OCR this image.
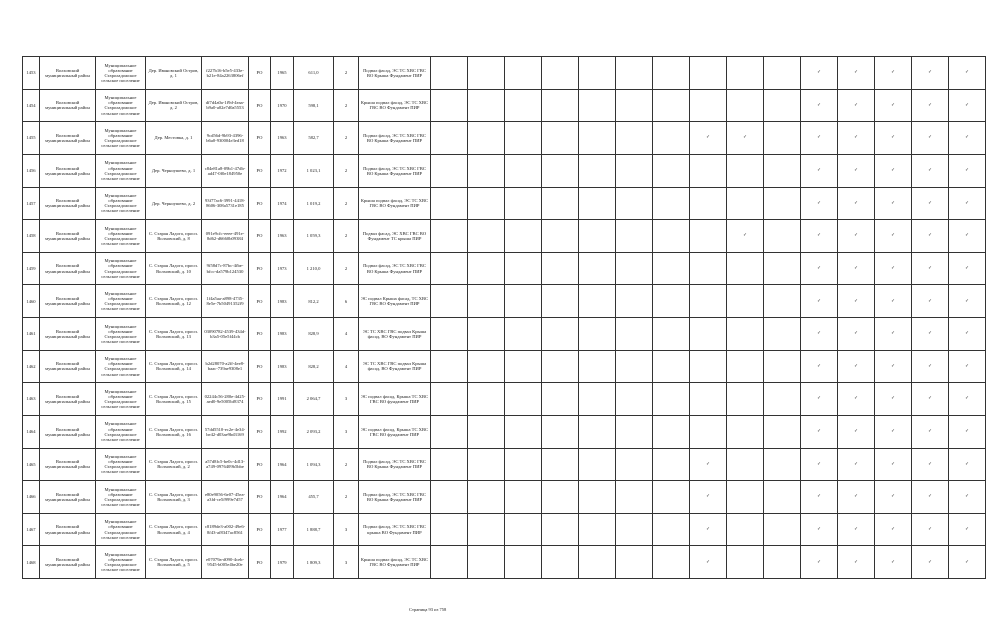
1453	Волховский муниципальный район	Муниципальное образование Староладожское сельское поселение	Дер. Ивановский Остров, д. 1	f227b16-b5e5-433e-b21e-84a2263806ef	РО	1965	611,0	2	Подвал фасад, ЭС ТС ХВС ГВС ВО Крыша Фундамент ПИР											✓	✓	✓	✓	✓
1454	Волховский муниципальный район	Муниципальное образование Староладожское сельское поселение	Дер. Ивановский Остров, д. 2	df7d4a0a-1f9d-4eaa-b9a0-a02e7d0a5553	РО	1970	598,1	2	Крыша подвал фасад, ЭС ТС ХВС ГВС ВО Фундамент ПИР											✓	✓	✓	✓	✓
1455	Волховский муниципальный район	Муниципальное образование Староладожское сельское поселение	Дер. Местовка, д. 1	9cd56d-9b93-4396-b6a0-930004e3ed18	РО	1963	582,7	2	Подвал фасад, ЭС ТС ХВС ГВС ВО Крыша Фундамент ПИР								✓	✓		✓	✓	✓	✓	✓
1456	Волховский муниципальный район	Муниципальное образование Староладожское сельское поселение	Дер. Черноушево, д. 1	c84e81a8-09b1-47db-ad47-0f0e184950e	РО	1972	1 023,1	2	Подвал фасад, ЭС ТС ХВС ГВС ВО Крыша Фундамент ПИР											✓	✓	✓	✓	✓
1457	Волховский муниципальный район	Муниципальное образование Староладожское сельское поселение	Дер. Черноушево, д. 2	93f77ac6-3991-4418-8606-308a5731e185	РО	1974	1 019,2	2	Крыша подвал фасад, ЭС ТС ХВС ГВС ВО Фундамент ПИР											✓	✓	✓	✓	✓
1458	Волховский муниципальный район	Муниципальное образование Староладожское сельское поселение	С. Старая Ладога, просп. Волховский, д. 8	091e9cfc-eeee-491e-8d62-d6660b09384	РО	1963	1 059,3	2	Подвал фасад, ЭС ХВС ГВС ВО Фундамент ТС крыша ПИР									✓		✓	✓	✓	✓	✓
1459	Волховский муниципальный район	Муниципальное образование Староладожское сельское поселение	С. Старая Ладога, просп. Волховский, д. 10	9f58d7c-87bc-4fbe-bfcc-da579b124530	РО	1973	1 210,0	2	Подвал фасад, ЭС ТС ХВС ГВС ВО Крыша Фундамент ПИР											✓	✓	✓	✓	✓
1460	Волховский муниципальный район	Муниципальное образование Староладожское сельское поселение	С. Старая Ладога, просп. Волховский, д. 12	1f4a5aa-a898-4735-8e5e-7b50491352f9	РО	1983	812,2	6	ЭС подвал Крыша фасад, ТС ХВС ГВС ВО Фундамент ПИР											✓	✓	✓	✓	✓
1461	Волховский муниципальный район	Муниципальное образование Староладожское сельское поселение	С. Старая Ладога, просп. Волховский, д. 13	03090782-4539-434d-b3a5-05e5f44cb	РО	1983	828,9	4	ЭС ТС ХВС ГВС подвал Крыша фасад, ВО Фундамент ПИР											✓	✓	✓	✓	✓
1462	Волховский муниципальный район	Муниципальное образование Староладожское сельское поселение	С. Старая Ладога, просп. Волховский, д. 14	b2d28070-a2ff-4ee8-baac-739ae9308e1	РО	1983	828,2	4	ЭС ТС ХВС ГВС подвал Крыша фасад, ВО Фундамент ПИР											✓	✓	✓	✓	✓
1463	Волховский муниципальный район	Муниципальное образование Староладожское сельское поселение	С. Старая Ладога, просп. Волховский, д. 15	02244c56-280e-4d25-aed0-9e5005bf8374	РО	1991	2 064,7	3	ЭС подвал фасад, Крыша ТС ХВС ГВС ВО фундамент ПИР											✓	✓	✓	✓	✓
1464	Волховский муниципальный район	Муниципальное образование Староладожское сельское поселение	С. Старая Ладога, просп. Волховский, д. 16	57dd5510-ec2e-4e34-be42-d03ae9bd3169	РО	1992	2 093,2	3	ЭС подвал фасад, Крыша ТС ХВС ГВС ВО фундамент ПИР											✓	✓	✓	✓	✓
1465	Волховский муниципальный район	Муниципальное образование Староладожское сельское поселение	С. Старая Ладога, просп. Волховский, д. 2	a57d8fc5-be0c-4d13-a749-0976409b5bbe	РО	1964	1 094,3	2	Подвал фасад, ЭС ТС ХВС ГВС ВО Крыша Фундамент ПИР								✓			✓	✓	✓	✓	✓
1466	Волховский муниципальный район	Муниципальное образование Староладожское сельское поселение	С. Старая Ладога, просп. Волховский, д. 3	e80e9056-6e07-45ea-a3fd-ce5f999e7d57	РО	1964	455,7	2	Подвал фасад, ЭС ТС ХВС ГВС ВО Крыша Фундамент ПИР								✓			✓	✓	✓	✓	✓
1467	Волховский муниципальный район	Муниципальное образование Староладожское сельское поселение	С. Старая Ладога, просп. Волховский, д. 4	c8189de3-a002-49e6-8f43-af8347ac8561	РО	1977	1 888,7	3	Подвал фасад, ЭС ТС ХВС ГВС крыша ВО Фундамент ПИР								✓			✓	✓	✓	✓	✓
1468	Волховский муниципальный район	Муниципальное образование Староладожское сельское поселение	С. Старая Ладога, просп. Волховский, д. 5	e07079a-d090-4ceb-9545-b005e4be20e	РО	1979	1 809,3	3	Крыша подвал фасад, ЭС ТС ХВС ГВС ВО Фундамент ПИР								✓			✓	✓	✓	✓	✓
Страница 93 из 758
